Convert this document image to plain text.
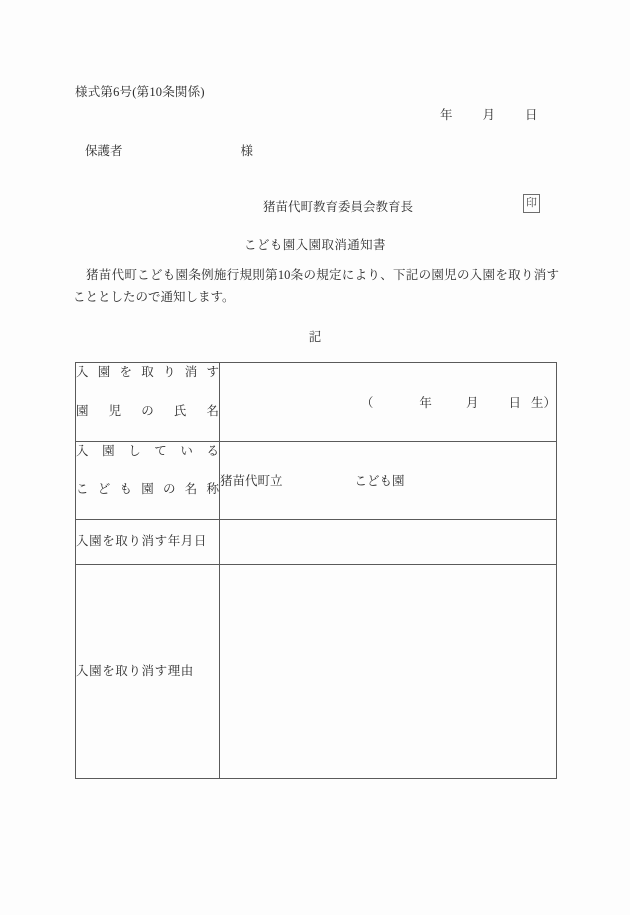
様式第6号(第10条関係)
年 月 日
保護者	様
猪苗代町教育委員会教育長	印
こども園入園取消通知書
猪苗代町こども園条例施行規則第10条の規定により、下記の園児の入園を取り消すこととしたので通知します。
記
入園を取り消す
園児の氏名	（ 年 月 日 生）

入園している
こども園の名称	猪苗代町立 こども園

入園を取り消す年月日	

入園を取り消す理由	
